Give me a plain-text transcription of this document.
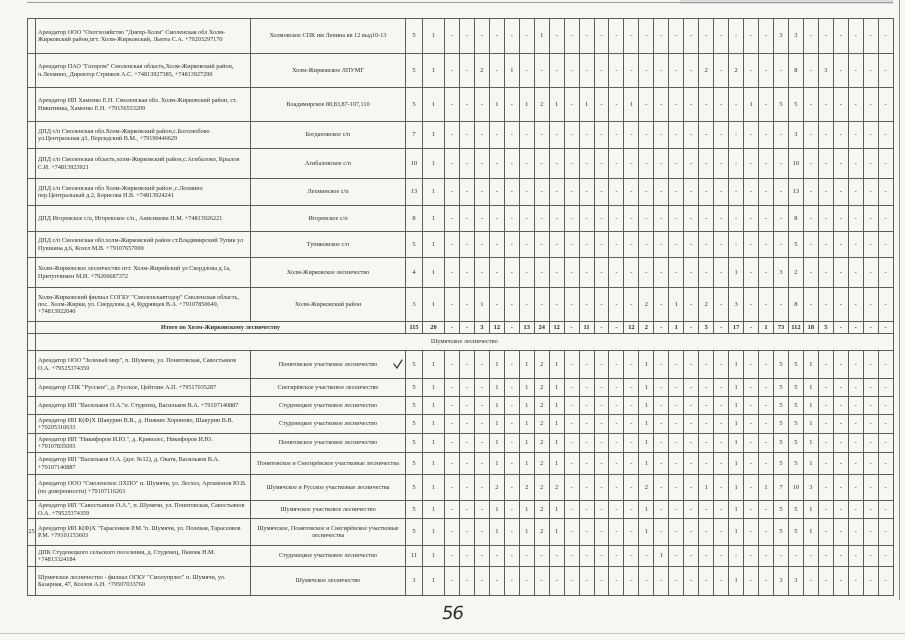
	Арендатор ООО "Охотхозяйство "Днепр-Холм" Смоленская обл Холм-Жирковский район,пгт. Холм-Жирковский, Льюта С.А. +79203297170	Холмовское СПК им Ленина кв 12 выд10-13	5	1	-	-	-	-	-	-	1	-	-	-	-	-	-	-	-	-	-	-	-	-	-	-	3	3	-	-	-	-	-	-
	Арендатор ПАО "Газпром" Смоленская область,Холм-Жирковский район, п.Лехмино, Директор Стрижов А.С. +74813927385, +74813927290	Холм-Жирковское ЛПУМГ	5	1	-	-	2	-	1	-	-	-	-	-	-	-	-	-	-	-	-	2	-	2	-	-	-	8	-	3	-	-	-	-
	Арендатор ИП Хаменко Е.Н. Смоленская обл. Холм-Жирковский район, ст. Никитинка, Хаменко Е.Н. +79156553209	Владимирское 80,83,87-107,110	5	1	-	-	-	1	-	1	2	1	-	1	-	-	1	-	-	-	-	-	-	-	1	-	5	5	-	-	-	-	-	-
	ДПД с/п Смоленская обл.Холм-Жирковский район,с.Боголюбово ул.Центральная д3, Персидский В.М., +79190446629	Богдановское с/п	7	1	-	-	-	-	-	-	-	-	-	-	-	-	-	-	-	-	-	-	-	-	-	-	-	3	-	-	-	-	-	-
	ДПД с/п Смоленская область,холм-Жирковский район,с.Агибалово, Крылов С.И. +74813923921	Агибаловское с/п	10	1	-	-	-	-	-	-	-	-	-	-	-	-	-	-	-	-	-	-	-	-	-	-	-	10	-	-	-	-	-	-
	ДПД с/п Смоленская обл Холм-Жирковский район ,с.Лехмино пер.Центральный д.2, Борисова Н.В. +74813924241	Лехминское с/п	13	1	-	-	-	-	-	-	-	-	-	-	-	-	-	-	-	-	-	-	-	-	-	-	-	13	-	-	-	-	-	-
	ДПД Игоревское с/п, Игоревское с/п., Анисимова Н.М. +74813926221	Игоревское с/п	8	1	-	-	-	-	-	-	-	-	-	-	-	-	-	-	-	-	-	-	-	-	-	-	-	8	-	-	-	-	-	-
	ДПД с/п Смоленская обл.холм-Жирковский район ст.Владимирский Тупик ул Пушкина д.6, Козел М.В. +79107657009	Тупиковское с/п	5	1	-	-	-	-	-	-	-	-	-	-	-	-	-	-	-	-	-	-	-	-	-	-	-	5	-	-	-	-	-	-
	Холм-Жирковское лесничество пгт. Холм-Жирийский ул Свердлова д.1а, Притупчимен М.И. +79206687372	Холм-Жирковское лесничество	4	1	-	-	-	-	-	-	-	-	-	-	-	-	-	-	-	-	-	-	-	1	-	-	3	2	-	-	-	-	-	-
	Холм-Жирковский филиал СОГБУ "Смоленскавтодор" Смоленская область, пос. Холм-Жирки, ул. Свердлова д.4, Кудрявцев В.А. +79107850649, +74813922040	Холм-Жирковский район	3	1	-	-	1	-	-	-	-	-	-	-	-	-	-	2	-	1	-	2	-	3	-	-	-	8	-	-	-	-	-	-
	Итого по Холм-Жирковскому лесничеству		115	20	-	-	3	12	-	13	24	12	-	11	-	-	12	2	-	1	-	5	-	17	-	1	73	112	18	5	-	-	-	-
	Шумячское лесничество																																	
	Арендатор ООО "Зеленый мир", п. Шумячи, ул. Понятовская, Савостьянов О.А. +79525374359	Понятовское участковое лесничество	5	1	-	-	-	1	-	1	2	1	-	-	-	-	-	1	-	-	-	-	-	1	-	-	5	5	1	-	-	-	-	-
	Арендатор СПК "Русское", д. Русское, Цейтлин А.П. +79517035287	Снегирёвское участковое лесничество	5	1	-	-	-	1	-	1	2	1	-	-	-	-	-	1	-	-	-	-	-	1	-	-	5	5	1	-	-	-	-	-
	Арендатор ИП "Васильков О.А."п. Студенец, Васильков В.А. +79107140887	Студенецкое участковое лесничество	5	1	-	-	-	1	-	1	2	1	-	-	-	-	-	1	-	-	-	-	-	1	-	-	5	5	1	-	-	-	-	-
	Арендатор ИП К(Ф)Х Шакурин В.В., д. Нижнее Хороново, Шакурин В.В. +79205310633	Студенецкое участковое лесничество	5	1	-	-	-	1	-	1	2	1	-	-	-	-	-	1	-	-	-	-	-	1	-	-	5	5	1	-	-	-	-	-
	Арендатор ИП "Никифоров И.Ю.", д. Криволес, Никифоров И.Ю. +79107835093	Понятовское участковое лесничество	5	1	-	-	-	1	-	1	2	1	-	-	-	-	-	1	-	-	-	-	-	1	-	-	5	5	1	-	-	-	-	-
	Арендатор ИП "Васильков О.А. (дог. №12), д. Окатя, Васильков В.А. +79107140887	Понятовское и Снегирёвское участковые лесничества	5	1	-	-	-	1	-	1	2	1	-	-	-	-	-	1	-	-	-	-	-	1	-	-	5	5	1	-	-	-	-	-
	Арендатор ООО "Смоленское ЛХПО" п. Шумячи, ул. Лесхоз, Артамонов Ю.В. (по доверенности) +79107116263	Шумячское и Русское участковые лесничества	5	1	-	-	-	2	-	2	2	2	-	-	-	-	-	2	-	-	-	1	-	1	-	1	7	10	3	-	-	-	-	-
	Арендатор ИП "Савостьянов О.А.", п. Шумячи, ул. Понятовская, Савостьянов О.А. +79525374359	Шумячское участковое лесничество	5	1	-	-	-	1	-	1	2	1	-	-	-	-	-	1	-	-	-	-	-	1	-	-	5	5	1	-	-	-	-	-
25	Арендатор ИП К(Ф)Х "Тарасенков Р.М."п. Шумячи, ул. Полевая, Тарасенков Р.М. +79101153603	Шумячское, Понятовское и Снегирёвское участковые лесничества	5	1	-	-	-	1	-	1	2	1	-	-	-	-	-	1	-	-	-	-	-	1	-	-	5	5	1	-	-	-	-	-
	ДПК Студенецкого сельского поселения, д. Студенец, Панова Н.М. +74813324184	Студенецкое участковое лесничество	11	1	-	-	-	-	-	-	-	-	-	-	-	-	-	-	1	-	-	-	-	-	-	-	-	-	-	-	-	-	-	-
	Шумячское лесничество - филиал ОГКУ "Смолупрлес" п. Шумячи, ул. Базарная, 47, Козлов А.Н. +79507033760	Шумячское лесничество	3	1	-	-	-	-	-	-	-	-	-	-	-	-	-	-	-	-	-	-	-	1	-	-	3	3	-	-	-	-	-	-
56
